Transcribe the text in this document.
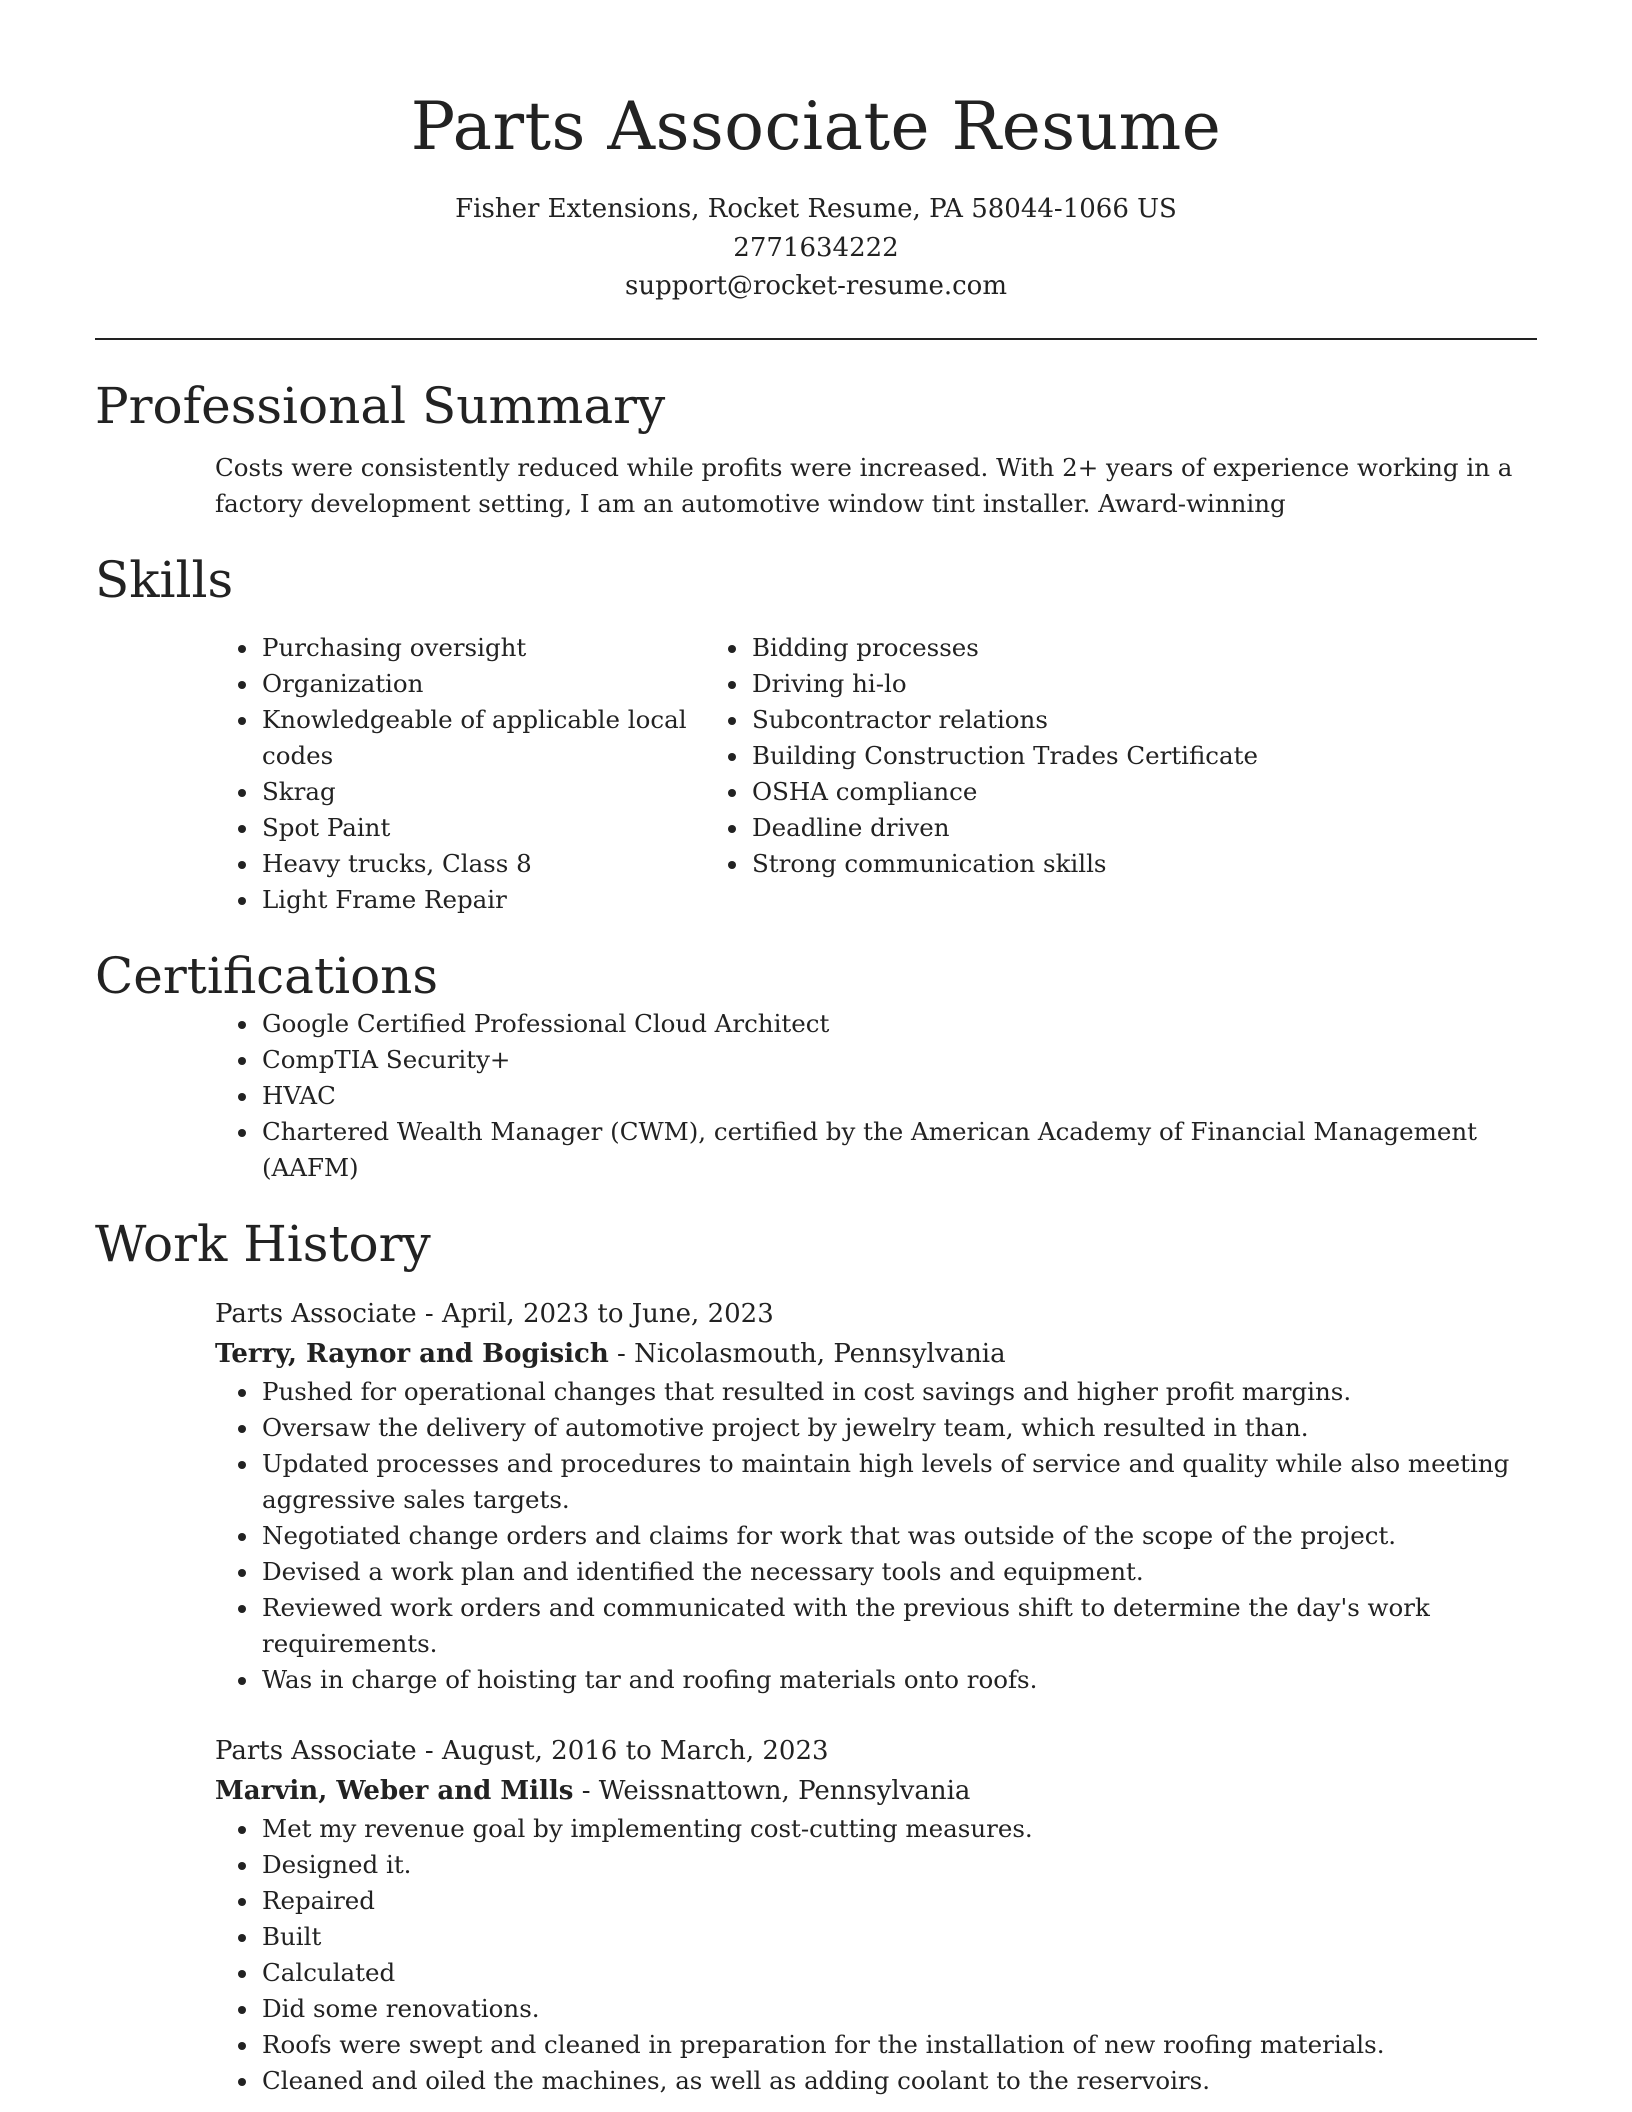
Parts Associate Resume
Fisher Extensions, Rocket Resume, PA 58044-1066 US
2771634222
support@rocket-resume.com
Professional Summary

Costs were consistently reduced while profits were increased. With 2+ years of experience working in a factory development setting, I am an automotive window tint installer. Award-winning

Skills
• Purchasing oversight
• Organization
• Knowledgeable of applicable local codes
• Skrag
• Spot Paint
• Heavy trucks, Class 8
• Light Frame Repair
• Bidding processes
• Driving hi-lo
• Subcontractor relations
• Building Construction Trades Certificate
• OSHA compliance
• Deadline driven
• Strong communication skills
Certifications
• Google Certified Professional Cloud Architect
• CompTIA Security+
• HVAC
• Chartered Wealth Manager (CWM), certified by the American Academy of Financial Management (AAFM)
Work History
Parts Associate - April, 2023 to June, 2023
Terry, Raynor and Bogisich - Nicolasmouth, Pennsylvania
• Pushed for operational changes that resulted in cost savings and higher profit margins.
• Oversaw the delivery of automotive project by jewelry team, which resulted in than.
• Updated processes and procedures to maintain high levels of service and quality while also meeting aggressive sales targets.
• Negotiated change orders and claims for work that was outside of the scope of the project.
• Devised a work plan and identified the necessary tools and equipment.
• Reviewed work orders and communicated with the previous shift to determine the day's work requirements.
• Was in charge of hoisting tar and roofing materials onto roofs.
Parts Associate - August, 2016 to March, 2023
Marvin, Weber and Mills - Weissnattown, Pennsylvania
• Met my revenue goal by implementing cost-cutting measures.
• Designed it.
• Repaired
• Built
• Calculated
• Did some renovations.
• Roofs were swept and cleaned in preparation for the installation of new roofing materials.
• Cleaned and oiled the machines, as well as adding coolant to the reservoirs.
